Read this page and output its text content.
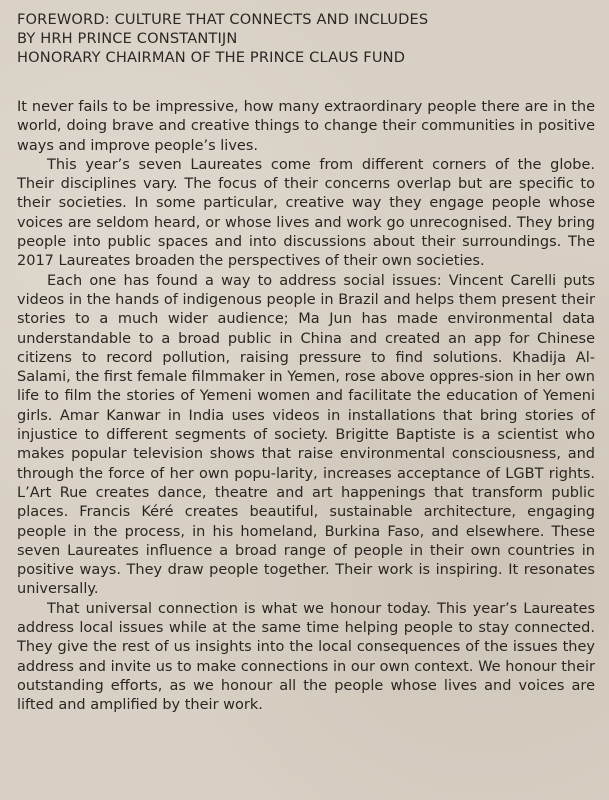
FOREWORD: CULTURE THAT CONNECTS AND INCLUDES
BY HRH PRINCE CONSTANTIJN
HONORARY CHAIRMAN OF THE PRINCE CLAUS FUND

It never fails to be impressive, how many extraordinary people there are in the world, doing brave and creative things to change their communities in positive ways and improve people’s lives.

This year’s seven Laureates come from different corners of the globe. Their disciplines vary. The focus of their concerns overlap but are specific to their societies. In some particular, creative way they engage people whose voices are seldom heard, or whose lives and work go unrecognised. They bring people into public spaces and into discussions about their surroundings. The 2017 Laureates broaden the perspectives of their own societies.

Each one has found a way to address social issues: Vincent Carelli puts videos in the hands of indigenous people in Brazil and helps them present their stories to a much wider audience; Ma Jun has made environmental data understandable to a broad public in China and created an app for Chinese citizens to record pollution, raising pressure to find solutions. Khadija Al-Salami, the first female filmmaker in Yemen, rose above oppres-sion in her own life to film the stories of Yemeni women and facilitate the education of Yemeni girls. Amar Kanwar in India uses videos in installations that bring stories of injustice to different segments of society. Brigitte Baptiste is a scientist who makes popular television shows that raise environmental consciousness, and through the force of her own popu-larity, increases acceptance of LGBT rights. L’Art Rue creates dance, theatre and art happenings that transform public places. Francis Kéré creates beautiful, sustainable architecture, engaging people in the process, in his homeland, Burkina Faso, and elsewhere. These seven Laureates influence a broad range of people in their own countries in positive ways. They draw people together. Their work is inspiring. It resonates universally.

That universal connection is what we honour today. This year’s Laureates address local issues while at the same time helping people to stay connected. They give the rest of us insights into the local consequences of the issues they address and invite us to make connections in our own context. We honour their outstanding efforts, as we honour all the people whose lives and voices are lifted and amplified by their work.
